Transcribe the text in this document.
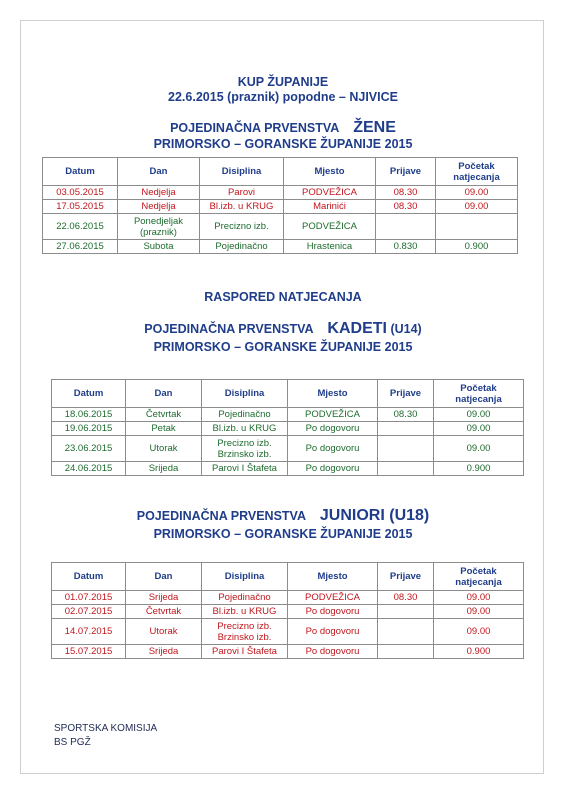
KUP ŽUPANIJE
22.6.2015 (praznik) popodne – NJIVICE
POJEDINAČNA PRVENSTVA ŽENE
PRIMORSKO – GORANSKE ŽUPANIJE 2015
Datum	Dan	Disiplina	Mjesto	Prijave	Početak natjecanja
03.05.2015	Nedjelja	Parovi	PODVEŽICA	08.30	09.00
17.05.2015	Nedjelja	Bl.izb. u KRUG	Marinići	08.30	09.00
22.06.2015	Ponedjeljak (praznik)	Precizno izb.	PODVEŽICA		
27.06.2015	Subota	Pojedinačno	Hrastenica	0.830	0.900
RASPORED NATJECANJA
POJEDINAČNA PRVENSTVA KADETI (U14)
PRIMORSKO – GORANSKE ŽUPANIJE 2015
Datum	Dan	Disiplina	Mjesto	Prijave	Početak natjecanja
18.06.2015	Četvrtak	Pojedinačno	PODVEŽICA	08.30	09.00
19.06.2015	Petak	Bl.izb. u KRUG	Po dogovoru		09.00
23.06.2015	Utorak	Precizno izb. Brzinsko izb.	Po dogovoru		09.00
24.06.2015	Srijeda	Parovi I Štafeta	Po dogovoru		0.900
POJEDINAČNA PRVENSTVA JUNIORI (U18)
PRIMORSKO – GORANSKE ŽUPANIJE 2015
Datum	Dan	Disiplina	Mjesto	Prijave	Početak natjecanja
01.07.2015	Srijeda	Pojedinačno	PODVEŽICA	08.30	09.00
02.07.2015	Četvrtak	Bl.izb. u KRUG	Po dogovoru		09.00
14.07.2015	Utorak	Precizno izb. Brzinsko izb.	Po dogovoru		09.00
15.07.2015	Srijeda	Parovi I Štafeta	Po dogovoru		0.900
SPORTSKA KOMISIJA
BS PGŽ
